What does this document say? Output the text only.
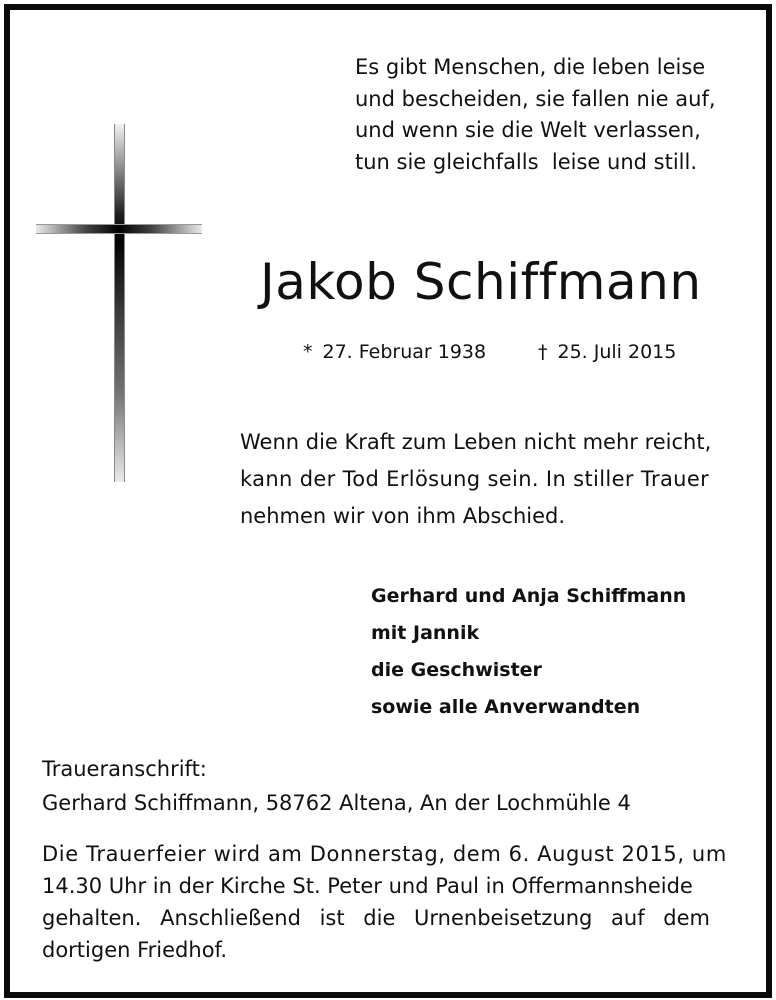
Es gibt Menschen, die leben leise
und bescheiden, sie fallen nie auf,
und wenn sie die Welt verlassen,
tun sie gleichfalls  leise und still.
Jakob Schiffmann
* 27. Februar 1938	† 25. Juli 2015
Wenn die Kraft zum Leben nicht mehr reicht,
kann der Tod Erlösung sein. In stiller Trauer
nehmen wir von ihm Abschied.
Gerhard und Anja Schiffmann
mit Jannik
die Geschwister
sowie alle Anverwandten
Traueranschrift:
Gerhard Schiffmann, 58762 Altena, An der Lochmühle 4
Die Trauerfeier wird am Donnerstag, dem 6. August 2015, um
14.30 Uhr in der Kirche St. Peter und Paul in Offermannsheide
gehalten. Anschließend ist die Urnenbeisetzung auf dem
dortigen Friedhof.
